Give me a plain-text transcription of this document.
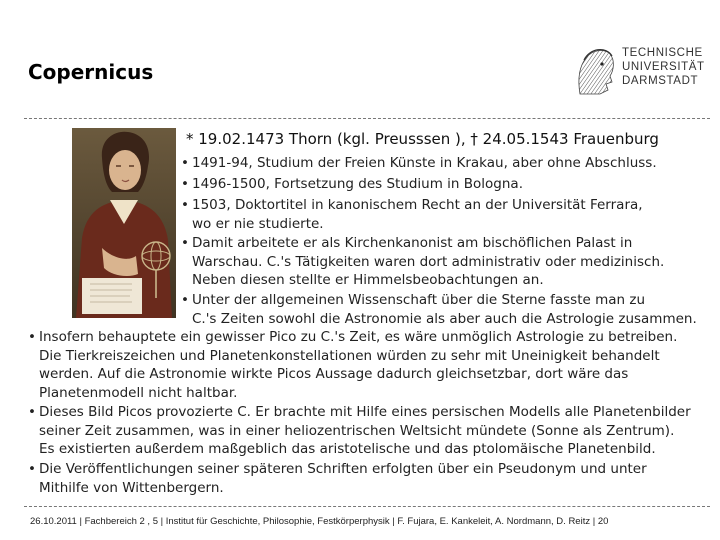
Copernicus
TECHNISCHE
UNIVERSITÄT
DARMSTADT
* 19.02.1473 Thorn (kgl. Preusssen ), † 24.05.1543 Frauenburg
• 1491-94, Studium der Freien Künste in Krakau, aber ohne Abschluss.
• 1496-1500, Fortsetzung des Studium in Bologna.
• 1503, Doktortitel in kanonischem Recht an der Universität Ferrara,
wo er nie studierte.
• Damit arbeitete er als Kirchenkanonist am bischöflichen Palast in
Warschau. C.'s Tätigkeiten waren dort administrativ oder medizinisch.
Neben diesen stellte er Himmelsbeobachtungen an.
• Unter der allgemeinen Wissenschaft über die Sterne fasste man zu
C.'s Zeiten sowohl die Astronomie als aber auch die Astrologie zusammen.
• Insofern behauptete ein gewisser Pico zu C.'s Zeit, es wäre unmöglich Astrologie zu betreiben.
Die Tierkreiszeichen und Planetenkonstellationen würden zu sehr mit Uneinigkeit behandelt
werden. Auf die Astronomie wirkte Picos Aussage dadurch gleichsetzbar, dort wäre das
Planetenmodell nicht haltbar.
• Dieses Bild Picos provozierte C. Er brachte mit Hilfe eines persischen Modells alle Planetenbilder
seiner Zeit zusammen, was in einer heliozentrischen Weltsicht mündete (Sonne als Zentrum).
Es existierten außerdem maßgeblich das aristotelische und das ptolomäische Planetenbild.
• Die Veröffentlichungen seiner späteren Schriften erfolgten über ein Pseudonym und unter
Mithilfe von Wittenbergern.
26.10.2011 | Fachbereich 2 , 5 | Institut für Geschichte, Philosophie, Festkörperphysik | F. Fujara, E. Kankeleit, A. Nordmann, D. Reitz | 20
